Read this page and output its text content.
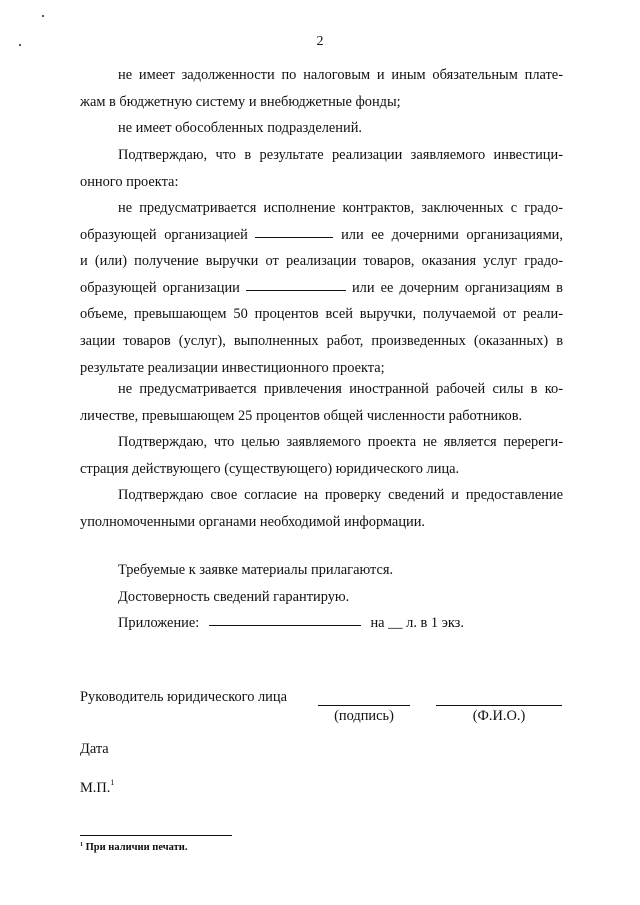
2
не имеет задолженности по налоговым и иным обязательным плате-
жам в бюджетную систему и внебюджетные фонды;
не имеет обособленных подразделений.
Подтверждаю, что в результате реализации заявляемого инвестици-
онного проекта:
не предусматривается исполнение контрактов, заключенных с градо-
образующей организацией	или ее дочерними организациями,
и (или) получение выручки от реализации товаров, оказания услуг градо-
образующей организации	или ее дочерним организациям в
объеме, превышающем 50 процентов всей выручки, получаемой от реали-
зации товаров (услуг), выполненных работ, произведенных (оказанных) в
результате реализации инвестиционного проекта;
не предусматривается привлечения иностранной рабочей силы в ко-
личестве, превышающем 25 процентов общей численности работников.
Подтверждаю, что целью заявляемого проекта не является перереги-
страция действующего (существующего) юридического лица.
Подтверждаю свое согласие на проверку сведений и предоставление
уполномоченными органами необходимой информации.
Требуемые к заявке материалы прилагаются.
Достоверность сведений гарантирую.
Приложение:	на __ л. в 1 экз.
Руководитель юридического лица
(подпись)	(Ф.И.О.)
Дата
М.П.$^1$
$^1$ При наличии печати.
